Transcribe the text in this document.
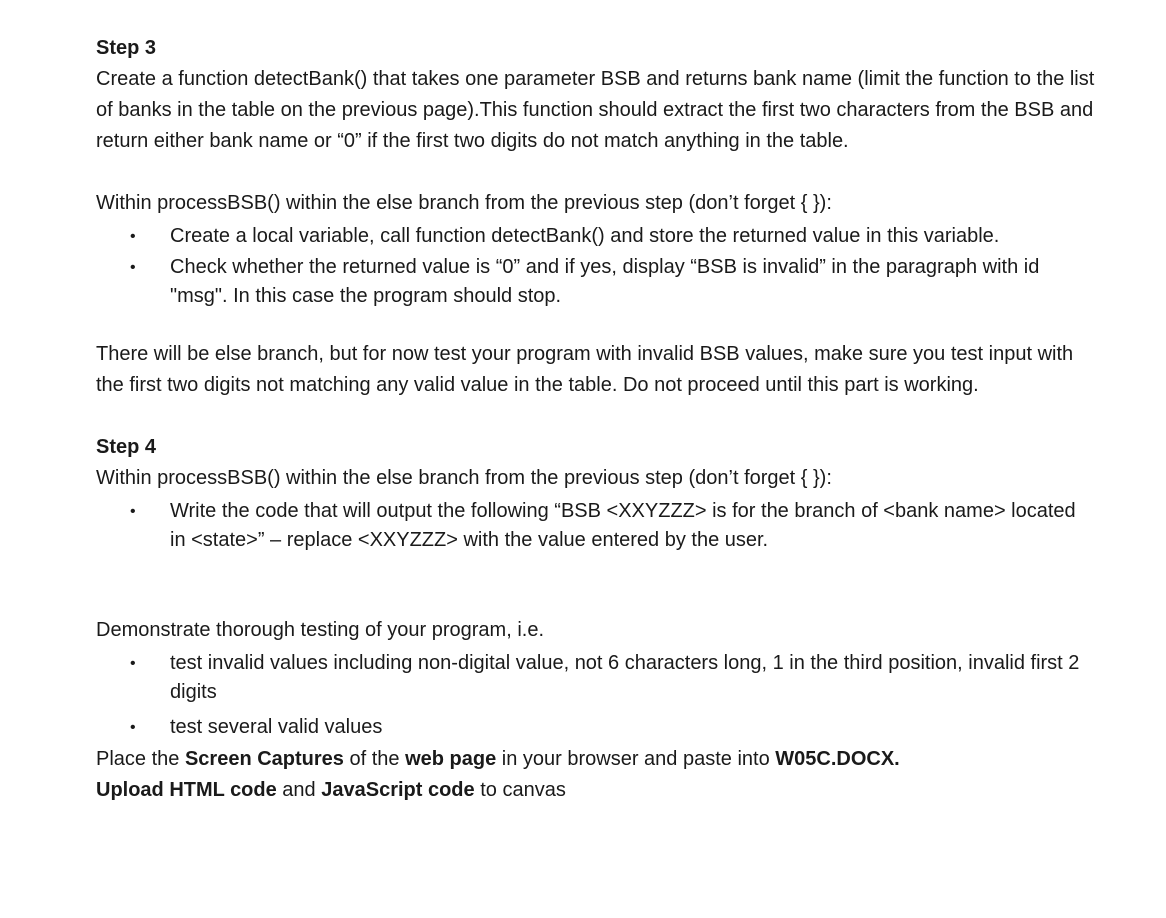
Step 3

Create a function detectBank() that takes one parameter BSB and returns bank name (limit the function to the list of banks in the table on the previous page).This function should extract the first two characters from the BSB and return either bank name or “0” if the first two digits do not match anything in the table.

Within processBSB() within the else branch from the previous step (don’t forget { }):

• Create a local variable, call function detectBank() and store the returned value in this variable.
• Check whether the returned value is “0” and if yes, display “BSB is invalid” in the paragraph with id "msg". In this case the program should stop.

There will be else branch, but for now test your program with invalid BSB values, make sure you test input with the first two digits not matching any valid value in the table. Do not proceed until this part is working.

Step 4

Within processBSB() within the else branch from the previous step (don’t forget { }):

• Write the code that will output the following “BSB <XXYZZZ> is for the branch of <bank name> located in <state>” – replace <XXYZZZ> with the value entered by the user.

Demonstrate thorough testing of your program, i.e.

• test invalid values including non-digital value, not 6 characters long, 1 in the third position, invalid first 2 digits
• test several valid values

Place the Screen Captures of the web page in your browser and paste into W05C.DOCX.

Upload HTML code and JavaScript code to canvas
